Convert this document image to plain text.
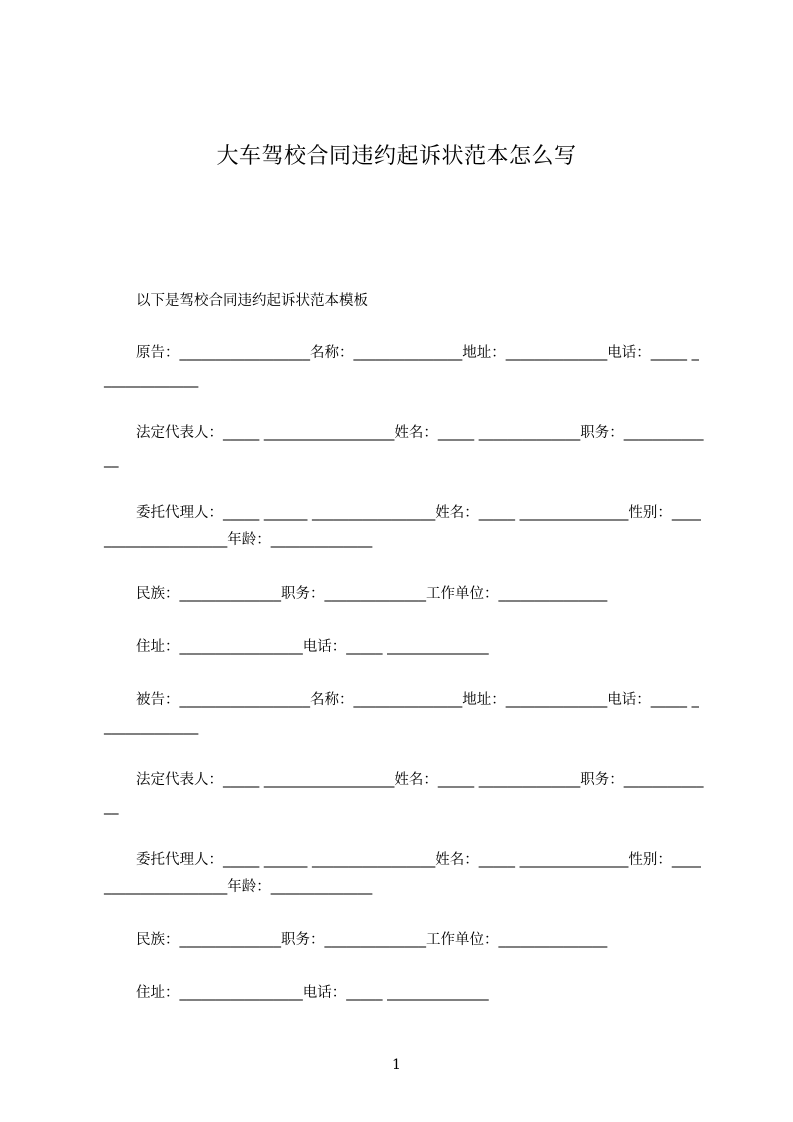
大车驾校合同违约起诉状范本怎么写

以下是驾校合同违约起诉状范本模板

原告：__________________名称：_______________地址：______________电话：_____ ______________

法定代表人：_____ __________________姓名：_____ ______________职务：_____________

委托代理人：_____ ______ _________________姓名：_____ _______________性别：_____________________年龄：______________

民族：______________职务：______________工作单位：_______________

住址：_________________电话：_____ ______________

被告：__________________名称：_______________地址：______________电话：_____ ______________

法定代表人：_____ __________________姓名：_____ ______________职务：_____________

委托代理人：_____ ______ _________________姓名：_____ _______________性别：_____________________年龄：______________

民族：______________职务：______________工作单位：_______________

住址：_________________电话：_____ ______________

1
